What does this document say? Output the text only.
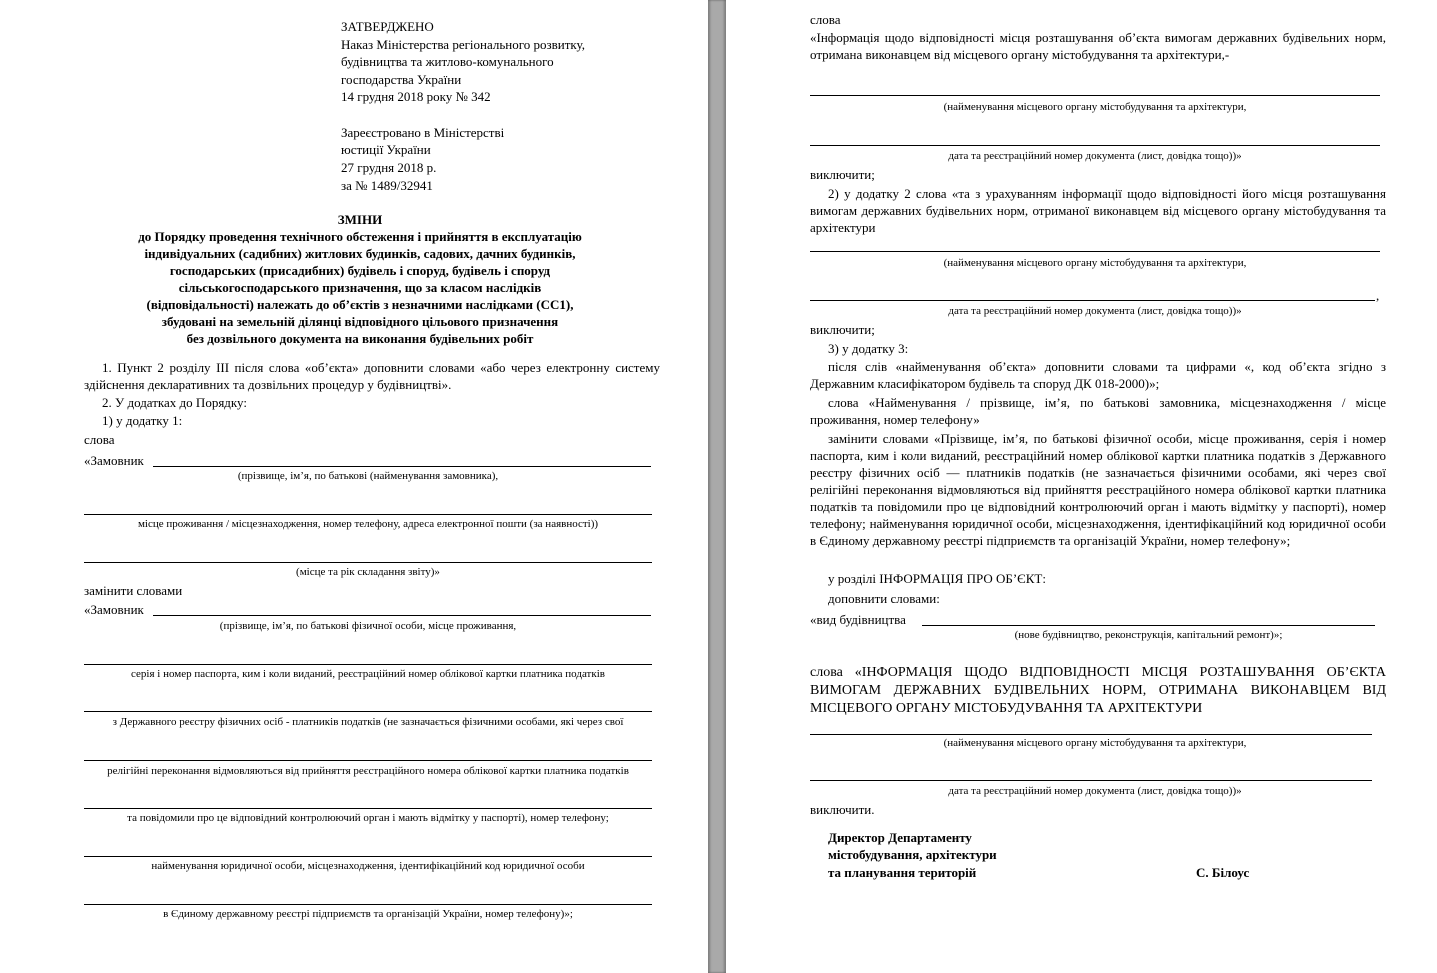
ЗАТВЕРДЖЕНО
Наказ Міністерства регіонального розвитку,
будівництва та житлово-комунального
господарства України
14 грудня 2018 року № 342
Зареєстровано в Міністерстві
юстиції України
27 грудня 2018 р.
за № 1489/32941
ЗМІНИ
до Порядку проведення технічного обстеження і прийняття в експлуатацію
індивідуальних (садибних) житлових будинків, садових, дачних будинків,
господарських (присадибних) будівель і споруд, будівель і споруд
сільськогосподарського призначення, що за класом наслідків
(відповідальності) належать до об’єктів з незначними наслідками (СС1),
збудовані на земельній ділянці відповідного цільового призначення
без дозвільного документа на виконання будівельних робіт
1. Пункт 2 розділу ІІІ після слова «об’єкта» доповнити словами «або через електронну систему здійснення декларативних та дозвільних процедур у будівництві».
2. У додатках до Порядку:
1) у додатку 1:
слова
«Замовник
(прізвище, ім’я, по батькові (найменування замовника),
місце проживання / місцезнаходження, номер телефону, адреса електронної пошти (за наявності))
(місце та рік складання звіту)»
замінити словами
«Замовник
(прізвище, ім’я, по батькові фізичної особи, місце проживання,
серія і номер паспорта, ким і коли виданий, реєстраційний номер облікової картки платника податків
з Державного реєстру фізичних осіб - платників податків (не зазначається фізичними особами, які через свої
релігійні переконання відмовляються від прийняття реєстраційного номера облікової картки платника податків
та повідомили про це відповідний контролюючий орган і мають відмітку у паспорті), номер телефону;
найменування юридичної особи, місцезнаходження, ідентифікаційний код юридичної особи
в Єдиному державному реєстрі підприємств та організацій України, номер телефону)»;
слова
«Інформація щодо відповідності місця розташування об’єкта вимогам державних будівельних норм, отримана виконавцем від місцевого органу містобудування та архітектури,-
(найменування місцевого органу містобудування та архітектури,
дата та реєстраційний номер документа (лист, довідка тощо))»
виключити;
2) у додатку 2 слова «та з урахуванням інформації щодо відповідності його місця розташування вимогам державних будівельних норм, отриманої виконавцем від місцевого органу містобудування та архітектури
(найменування місцевого органу містобудування та архітектури,
,
дата та реєстраційний номер документа (лист, довідка тощо))»
виключити;
3) у додатку 3:
після слів «найменування об’єкта» доповнити словами та цифрами «, код об’єкта згідно з Державним класифікатором будівель та споруд ДК 018-2000)»;
слова «Найменування / прізвище, ім’я, по батькові замовника, місцезнаходження / місце проживання, номер телефону»
замінити словами «Прізвище, ім’я, по батькові фізичної особи, місце проживання, серія і номер паспорта, ким і коли виданий, реєстраційний номер облікової картки платника податків з Державного реєстру фізичних осіб — платників податків (не зазначається фізичними особами, які через свої релігійні переконання відмовляються від прийняття реєстраційного номера облікової картки платника податків та повідомили про це відповідний контролюючий орган і мають відмітку у паспорті), номер телефону; найменування юридичної особи, місцезнаходження, ідентифікаційний код юридичної особи в Єдиному державному реєстрі підприємств та організацій України, номер телефону»;
у розділі ІНФОРМАЦІЯ ПРО ОБ’ЄКТ:
доповнити словами:
«вид будівництва
(нове будівництво, реконструкція, капітальний ремонт)»;
слова «ІНФОРМАЦІЯ ЩОДО ВІДПОВІДНОСТІ МІСЦЯ РОЗТАШУВАННЯ ОБ’ЄКТА ВИМОГАМ ДЕРЖАВНИХ БУДІВЕЛЬНИХ НОРМ, ОТРИМАНА ВИКОНАВЦЕМ ВІД МІСЦЕВОГО ОРГАНУ МІСТОБУДУВАННЯ ТА АРХІТЕКТУРИ
(найменування місцевого органу містобудування та архітектури,
дата та реєстраційний номер документа (лист, довідка тощо))»
виключити.
Директор Департаменту
містобудування, архітектури
та планування територій	С. Білоус
